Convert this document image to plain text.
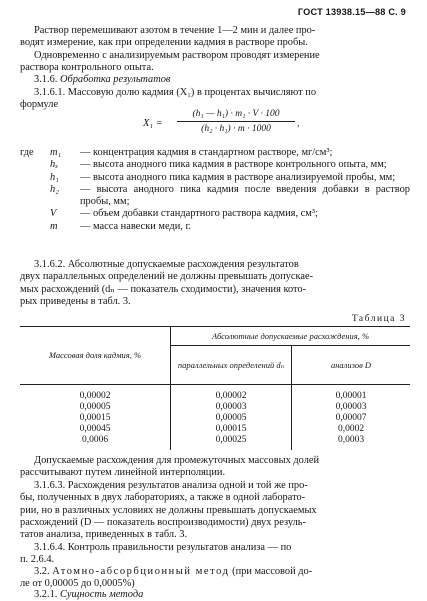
ГОСТ 13938.15—88 С. 9

Раствор перемешивают азотом в течение 1—2 мин и далее про-
водят измерение, как при определении кадмия в растворе пробы.

Одновременно с анализируемым раствором проводят измерение
раствора контрольного опыта.

3.1.6. Обработка результатов

3.1.6.1. Массовую долю кадмия (X₁) в процентах вычисляют по
формуле

X₁ =
(h₁ — h₁) · m₁ · V · 100
(h₂ · h₁) · m · 1000	,
где m₁ — концентрация кадмия в стандартном растворе, мг/см³;
hₓ — высота анодного пика кадмия в растворе контрольного опыта, мм;
h₁ — высота анодного пика кадмия в растворе анализируемой пробы, мм;
h₂ — высота анодного пика кадмия после введения добавки в раствор пробы, мм;
V — объем добавки стандартного раствора кадмия, см³;
m — масса навески меди, г.

3.1.6.2. Абсолютные допускаемые расхождения результатов
двух параллельных определений не должны превышать допускае-
мых расхождений (dₙ — показатель сходимости), значения кото-
рых приведены в табл. 3.

Таблица 3
Массовая доля кадмия, %	Абсолютные допускаемые расхождения, %	
	параллельных определений dₙ	анализов D
0,00002	0,00002	0,00001
0,00005	0,00003	0,00003
0,00015	0,00005	0,00007
0,00045	0,00015	0,0002
0,0006	0,00025	0,0003

Допускаемые расхождения для промежуточных массовых долей
рассчитывают путем линейной интерполяции.

3.1.6.3. Расхождения результатов анализа одной и той же про-
бы, полученных в двух лабораториях, а также в одной лаборато-
рии, но в различных условиях не должны превышать допускаемых
расхождений (D — показатель воспроизводимости) двух резуль-
татов анализа, приведенных в табл. 3.

3.1.6.4. Контроль правильности результатов анализа — по
п. 2.6.4.

3.2. Атомно-абсорбционный метод (при массовой до-
ле от 0,00005 до 0,0005%)

3.2.1. Сущность метода
